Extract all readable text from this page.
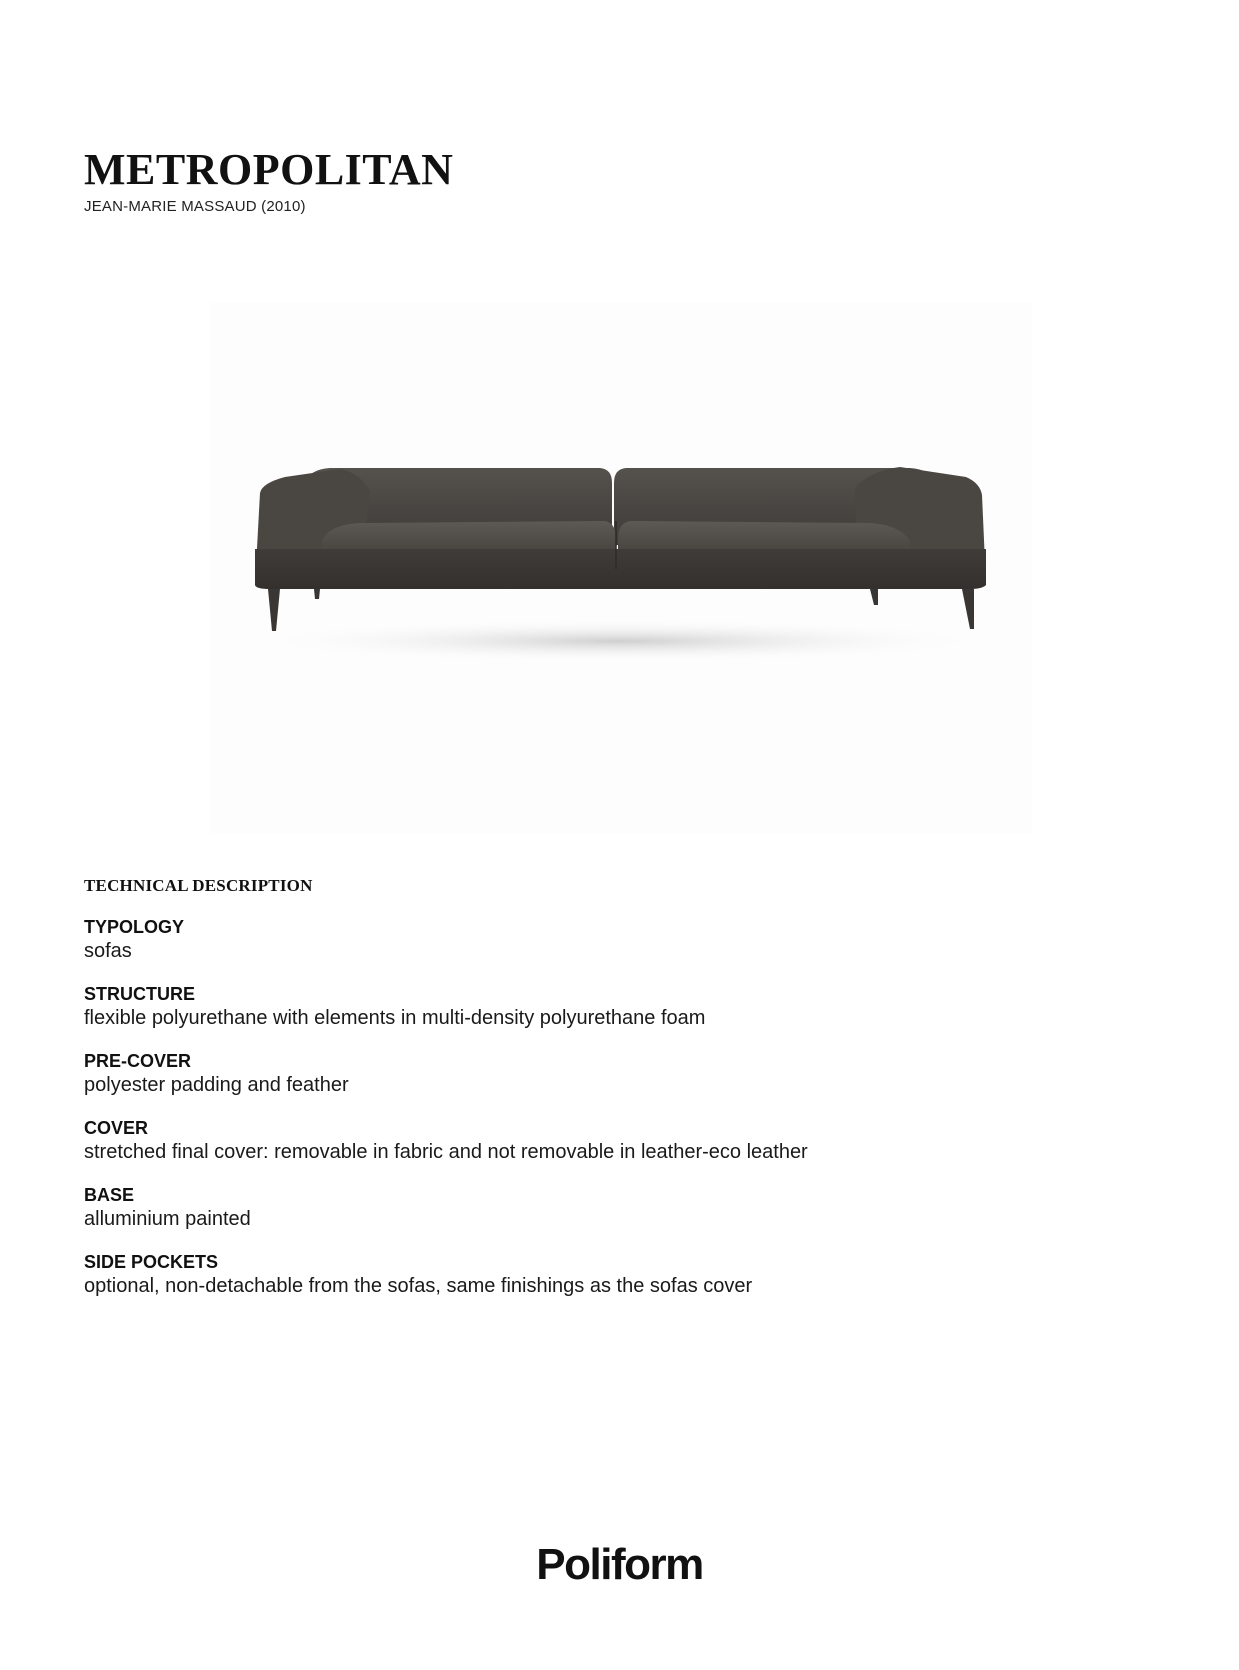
METROPOLITAN
JEAN-MARIE MASSAUD (2010)
TECHNICAL DESCRIPTION
TYPOLOGY
sofas
STRUCTURE
flexible polyurethane with elements in multi-density polyurethane foam
PRE-COVER
polyester padding and feather
COVER
stretched final cover: removable in fabric and not removable in leather-eco leather
BASE
alluminium painted
SIDE POCKETS
optional, non-detachable from the sofas, same finishings as the sofas cover
Poliform
